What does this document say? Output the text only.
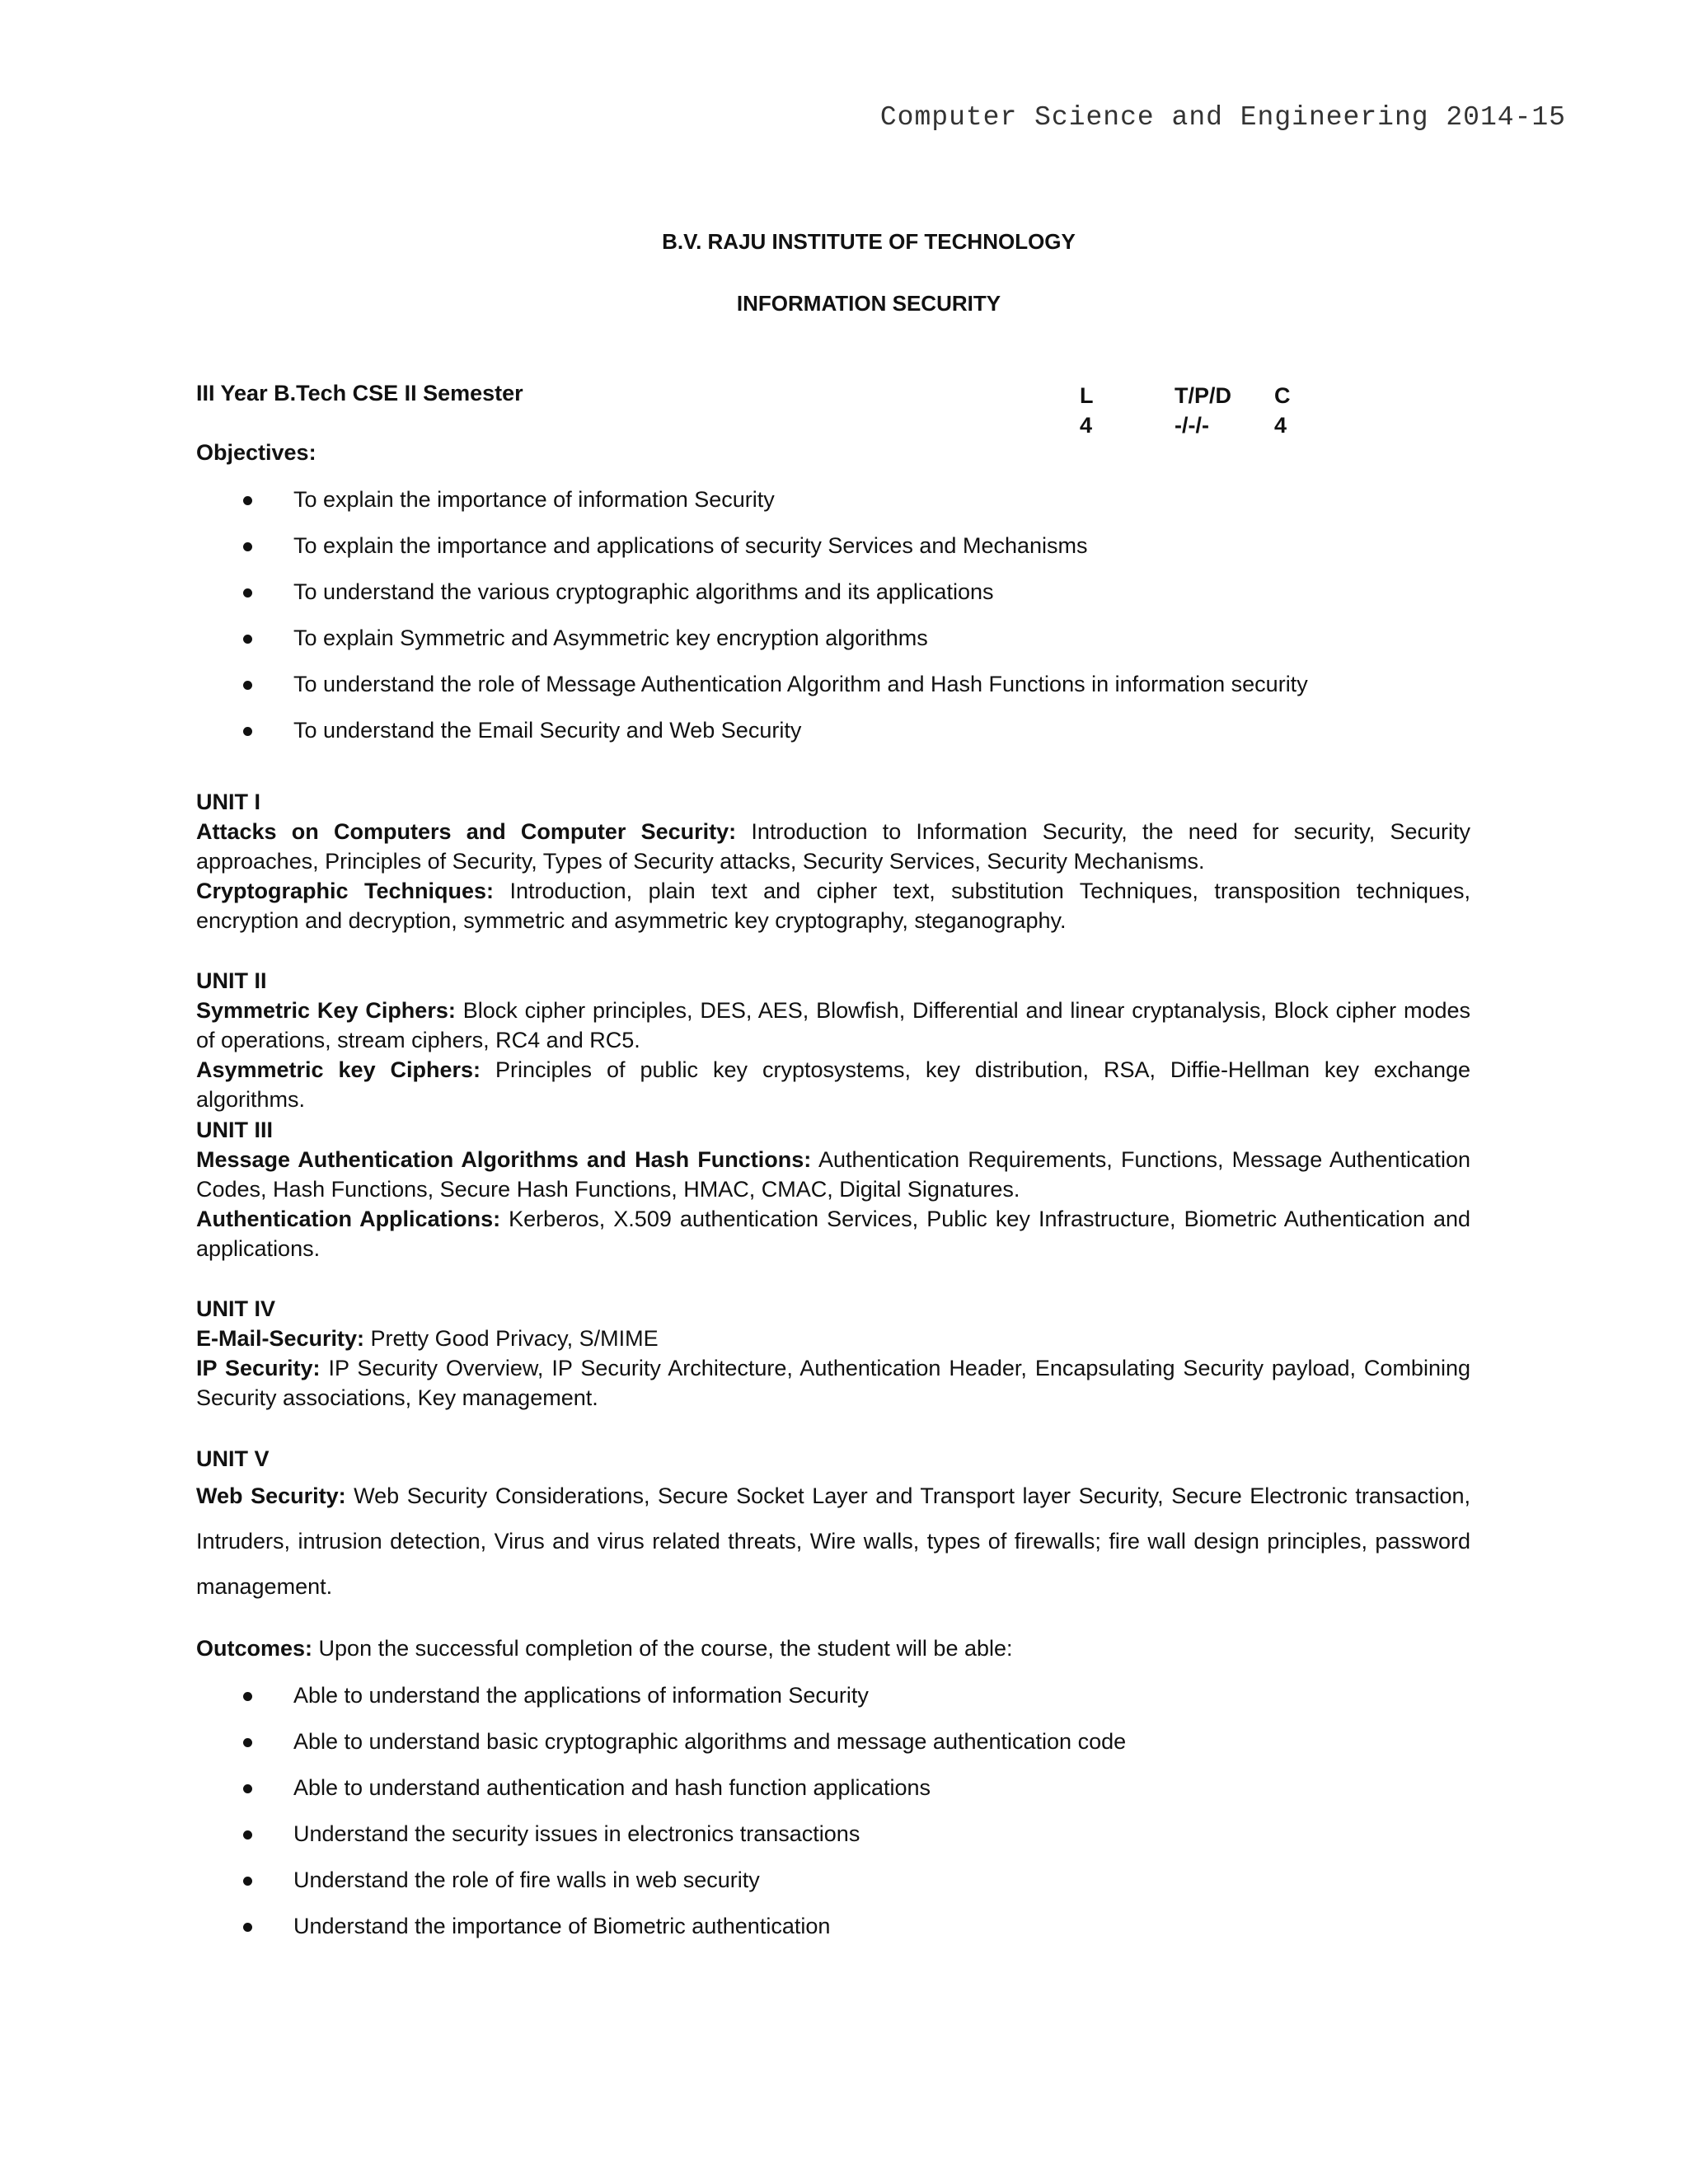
Computer Science and Engineering 2014-15
B.V. RAJU INSTITUTE OF TECHNOLOGY
INFORMATION SECURITY
III Year B.Tech CSE II Semester	L
4
T/P/D
-/-/-
C
4
Objectives:
To explain the importance of information Security
To explain the importance and applications of security Services and Mechanisms
To understand the various cryptographic algorithms and its applications
To explain Symmetric and Asymmetric key encryption algorithms
To understand the role of Message Authentication Algorithm and Hash Functions in information security
To understand the Email Security and Web Security

UNIT I

Attacks on Computers and Computer Security: Introduction to Information Security, the need for security, Security approaches, Principles of Security, Types of Security attacks, Security Services, Security Mechanisms.

Cryptographic Techniques: Introduction, plain text and cipher text, substitution Techniques, transposition techniques, encryption and decryption, symmetric and asymmetric key cryptography, steganography.

UNIT II

Symmetric Key Ciphers: Block cipher principles, DES, AES, Blowfish, Differential and linear cryptanalysis, Block cipher modes of operations, stream ciphers, RC4 and RC5.

Asymmetric key Ciphers: Principles of public key cryptosystems, key distribution, RSA, Diffie-Hellman key exchange algorithms.

UNIT III

Message Authentication Algorithms and Hash Functions: Authentication Requirements, Functions, Message Authentication Codes, Hash Functions, Secure Hash Functions, HMAC, CMAC, Digital Signatures.

Authentication Applications: Kerberos, X.509 authentication Services, Public key Infrastructure, Biometric Authentication and applications.

UNIT IV

E-Mail-Security: Pretty Good Privacy, S/MIME

IP Security: IP Security Overview, IP Security Architecture, Authentication Header, Encapsulating Security payload, Combining Security associations, Key management.

UNIT V

Web Security: Web Security Considerations, Secure Socket Layer and Transport layer Security, Secure Electronic transaction, Intruders, intrusion detection, Virus and virus related threats, Wire walls, types of firewalls; fire wall design principles, password management.

Outcomes: Upon the successful completion of the course, the student will be able:
Able to understand the applications of information Security
Able to understand basic cryptographic algorithms and message authentication code
Able to understand authentication and hash function applications
Understand the security issues in electronics transactions
Understand the role of fire walls in web security
Understand the importance of Biometric authentication
